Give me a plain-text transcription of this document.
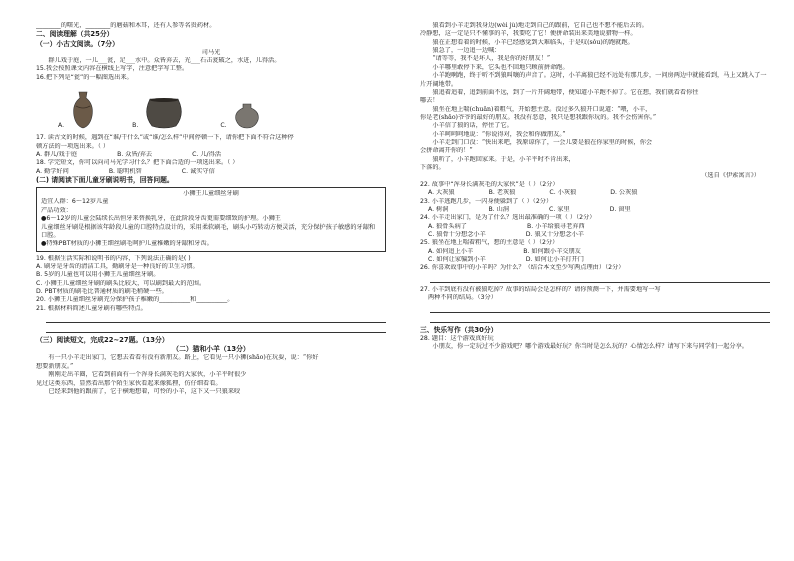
________的曙光，________的磨菇和木耳，还有人参等名贵药材。
二、阅读理解（共25分）
（一）小古文阅读。（7分）
司马光
群儿戏于庭，一儿___瓮，足___水中。众皆弃去，光___石击瓮破之，水迸，儿得活。
15.我会按照课文内容在横线上写字，注意把字写工整。
16.把下列是“瓮”的一幅图选出来。
A.	B.	C.
17. 读古文的时候，遇到在“谁/干什么”或“谁/怎么样”中间停顿一下，请你把下面不符合这种停
顿方法的一项选出来。（ ）
A. 群儿/戏于庭	B. 众皆/弃去	C. 儿/得活
18. 学完短文，你可以向司马光学习什么？把下面合适的一项选出来。（ ）
A. 勤学好问	B. 聪明机智	C. 诚实守信
(二) 请阅读下面儿童牙刷说明书，回答问题。
小狮王儿童细丝牙刷
适宜人群：6～12岁儿童
产品功效：
●6～12岁的儿童会陆续长出恒牙来替换乳牙，在此阶段牙齿更需要细致的护理。小狮王
儿童细丝牙刷是根据该年龄段儿童的口腔特点设计的，采用柔软刷毛，刷头小巧转动方便灵活，充分保护孩子敏感的牙龈和口腔。
●特殊PBT材质的小狮王细丝刷毛呵护儿童稚嫩的牙龈和牙齿。
19. 根据生活实际和说明书的内容，下列说法正确的是( )
A. 刷牙是牙齿的清洁工具，勤刷牙是一种良好的卫生习惯。
B. 5岁的儿童也可以用小狮王儿童细丝牙刷。
C. 小狮王儿童细丝牙刷的刷头比较大，可以刷到最大的范围。
D. PBT材质的刷毛比普通材质的刷毛稍硬一些。
20. 小狮王儿童细丝牙刷充分保护孩子稚嫩的__________和__________。
21. 根据材料简述儿童牙刷有哪些特点。
（三）阅读短文，完成22~27题。（13分）
（二）猫和小羊（13分）
有一只小羊走出家门，它想去看看有没有新朋友。路上，它看见一只小狮(shāo)在玩耍，说：“你好
想要新朋友。”
刚刚走出羊圈，它看到前面有一个浑身长满灰毛的大家伙，小羊平时很少
见过这类东西，显然看出那个陌生家伙看起来像狐狸，仿仔细看看。
已经来到他的跟前了，它于横地想着，可怜的小羊，这下又一只狼来咬
狼看到小羊走到我身边(wèi jù)地走到自己的跟前，它自己也不想不能后去的。
冷静想，这一定是只不懂事的羊，我要吃了它！便拼命装出来美地说猎物一样。
狼在正想看着的时候，小羊已经感觉到大难临头，于是叹(sǒu)的跑就跑。
狼急了，一边追一边喊：
“请等等，我不是坏人，我是你的好朋友！”
小羊哪里敢停下来，它头也不回地只顾前拼命跑。
小羊跑啊跑，终于听不到狼叫嚷的声音了。这时，小羊离狼已经不远处有那几步，一问房两边中就能看到，马上又跳入了一片开阔地带。
狼追着追着，追到前面不远，到了一片开阔地带，便知道小羊跑不掉了。它在想，我们就看看你往
哪去！
狼坐在地上喘(chuǎn)着粗气，开始想主意。没过多久狼开口说道：“喂，小羊，
你是老(shǎo)爷爷的最好的朋友。我没有恶意，我只是想我跟你玩的。我不会伤害你。”
小羊信了狼的话，停住了它。
小羊呵呵呵地说：“你说得对，我会和你做朋友。”
小羊走到门口没：“快出来吧，我原谅你了，一会儿要是狼在你家里的时候，你会
会拼命离开你的！”
狼听了，小羊跑回家来。于是，小羊平时不肯出来，
下落的。
（选自《伊索寓言》）
22. 故事中“浑身长满灰毛的大家伙”是（ ）（2分）
A. 大灰狼	B. 老灰狼	C. 小灰狼	D. 公灰狼
23. 小羊逃跑几步，一闪身便躲到了（ ）（2分）
A. 树洞	B. 山洞	C. 家里	D. 窗里
24. 小羊走出家门，是为了什么？选出最准确的一项（ ）（2分）
A. 狼骨头病了	B. 小羊给狼寻老弃西
C. 狼骨十分想念小羊	D. 狼又十分想念小羊
25. 狼坐在地上喘着粗气，想的主意是（ ）（2分）
A. 如何追上小羊	B. 如何跟小羊交朋友
C. 如何让家骗到小羊	D. 如何让小羊打开门
26. 你喜欢故事中的小羊吗？为什么？（结合本文至少写两点理由）（2分）
27. 小羊到底有没有被狼吃掉？故事的结局会是怎样的？请你预测一下，并需要地写一写
两种不同的结局。（3分）
三、快乐写作（共30分）
28. 题目：这个游戏真好玩
小朋友，你一定玩过不少游戏吧？哪个游戏最好玩？你当时是怎么玩的？心情怎么样？请写下来与同学们一起分享。
